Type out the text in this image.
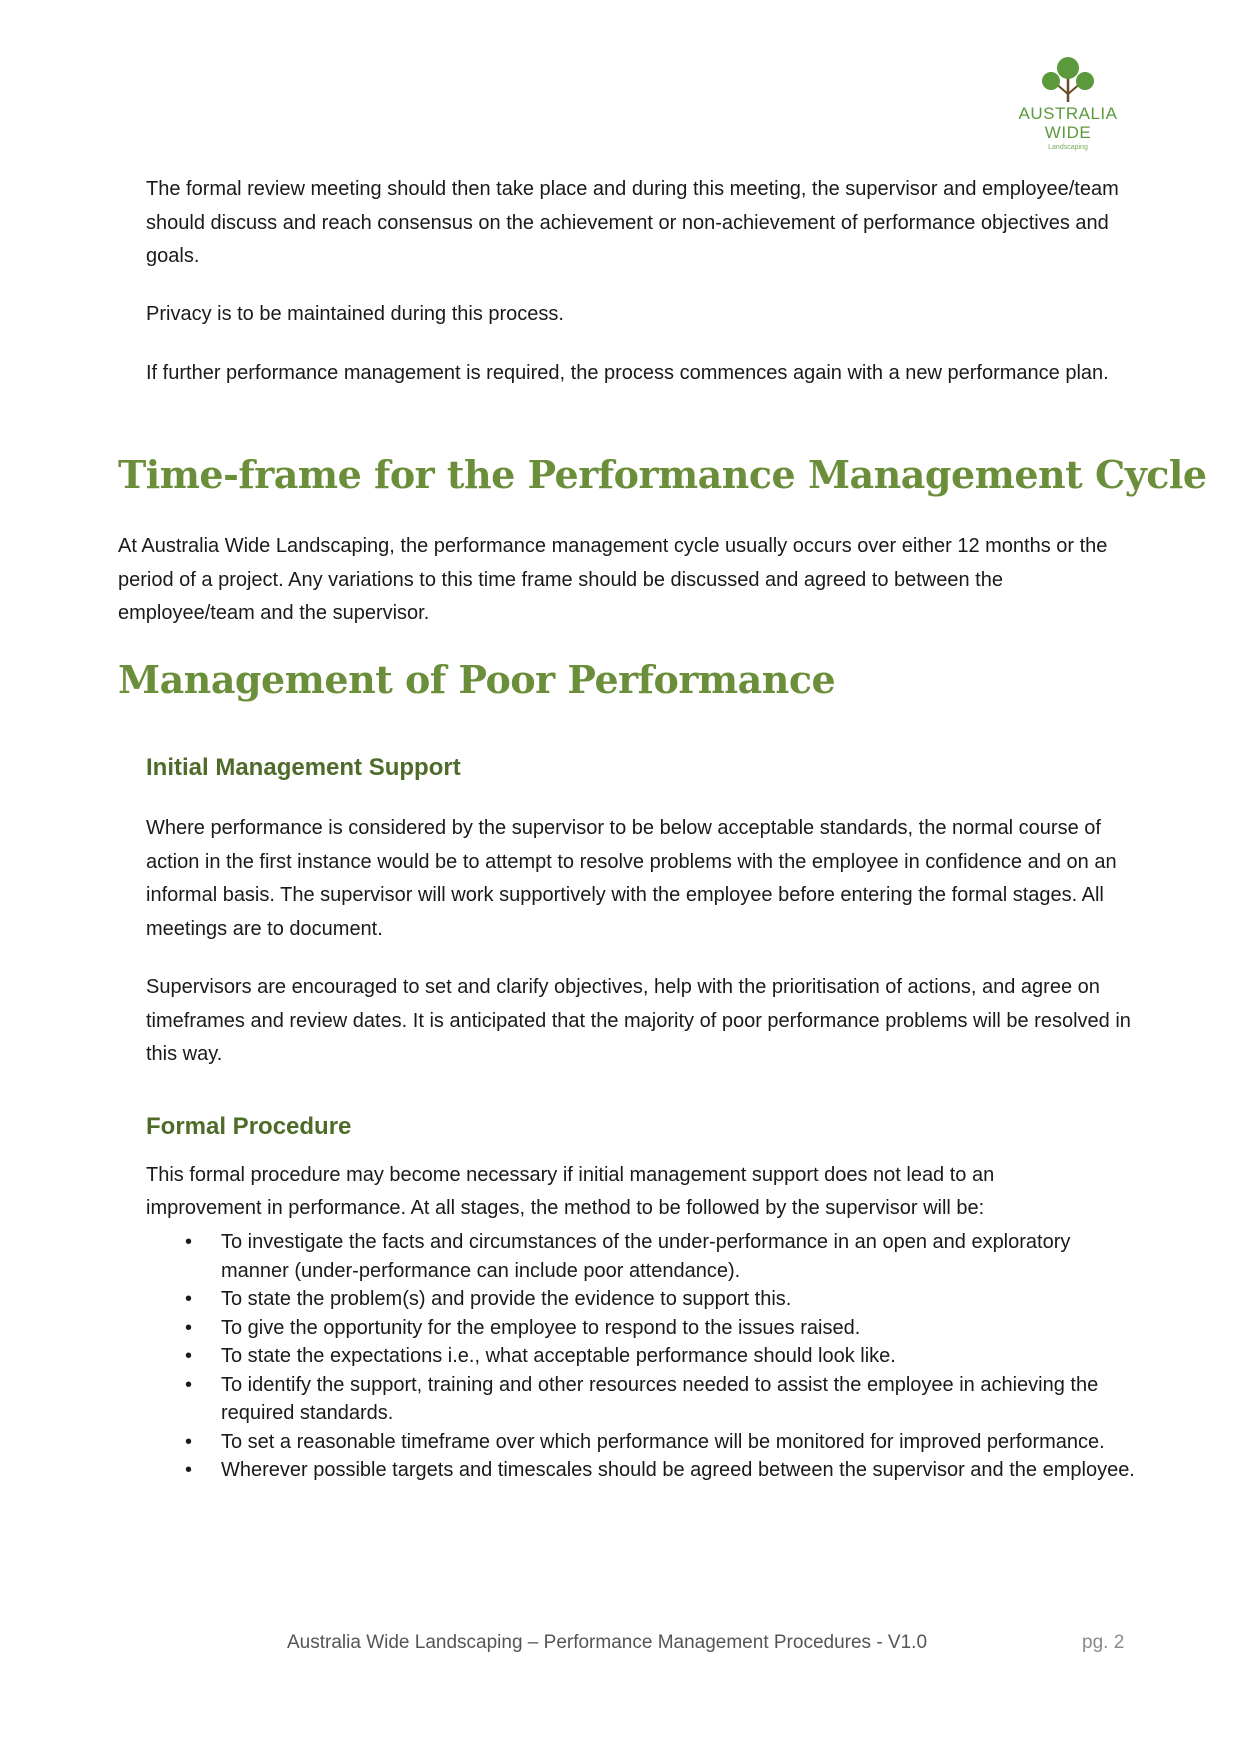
AUSTRALIA
WIDE
Landscaping

The formal review meeting should then take place and during this meeting, the supervisor and employee/team should discuss and reach consensus on the achievement or non-achievement of performance objectives and goals.

Privacy is to be maintained during this process.

If further performance management is required, the process commences again with a new performance plan.

Time-frame for the Performance Management Cycle

At Australia Wide Landscaping, the performance management cycle usually occurs over either 12 months or the period of a project. Any variations to this time frame should be discussed and agreed to between the employee/team and the supervisor.

Management of Poor Performance
Initial Management Support

Where performance is considered by the supervisor to be below acceptable standards, the normal course of action in the first instance would be to attempt to resolve problems with the employee in confidence and on an informal basis. The supervisor will work supportively with the employee before entering the formal stages. All meetings are to document.

Supervisors are encouraged to set and clarify objectives, help with the prioritisation of actions, and agree on timeframes and review dates. It is anticipated that the majority of poor performance problems will be resolved in this way.

Formal Procedure

This formal procedure may become necessary if initial management support does not lead to an improvement in performance. At all stages, the method to be followed by the supervisor will be:

• To investigate the facts and circumstances of the under-performance in an open and exploratory manner (under-performance can include poor attendance).
• To state the problem(s) and provide the evidence to support this.
• To give the opportunity for the employee to respond to the issues raised.
• To state the expectations i.e., what acceptable performance should look like.
• To identify the support, training and other resources needed to assist the employee in achieving the required standards.
• To set a reasonable timeframe over which performance will be monitored for improved performance.
• Wherever possible targets and timescales should be agreed between the supervisor and the employee.
Australia Wide Landscaping – Performance Management Procedures - V1.0	pg. 2
